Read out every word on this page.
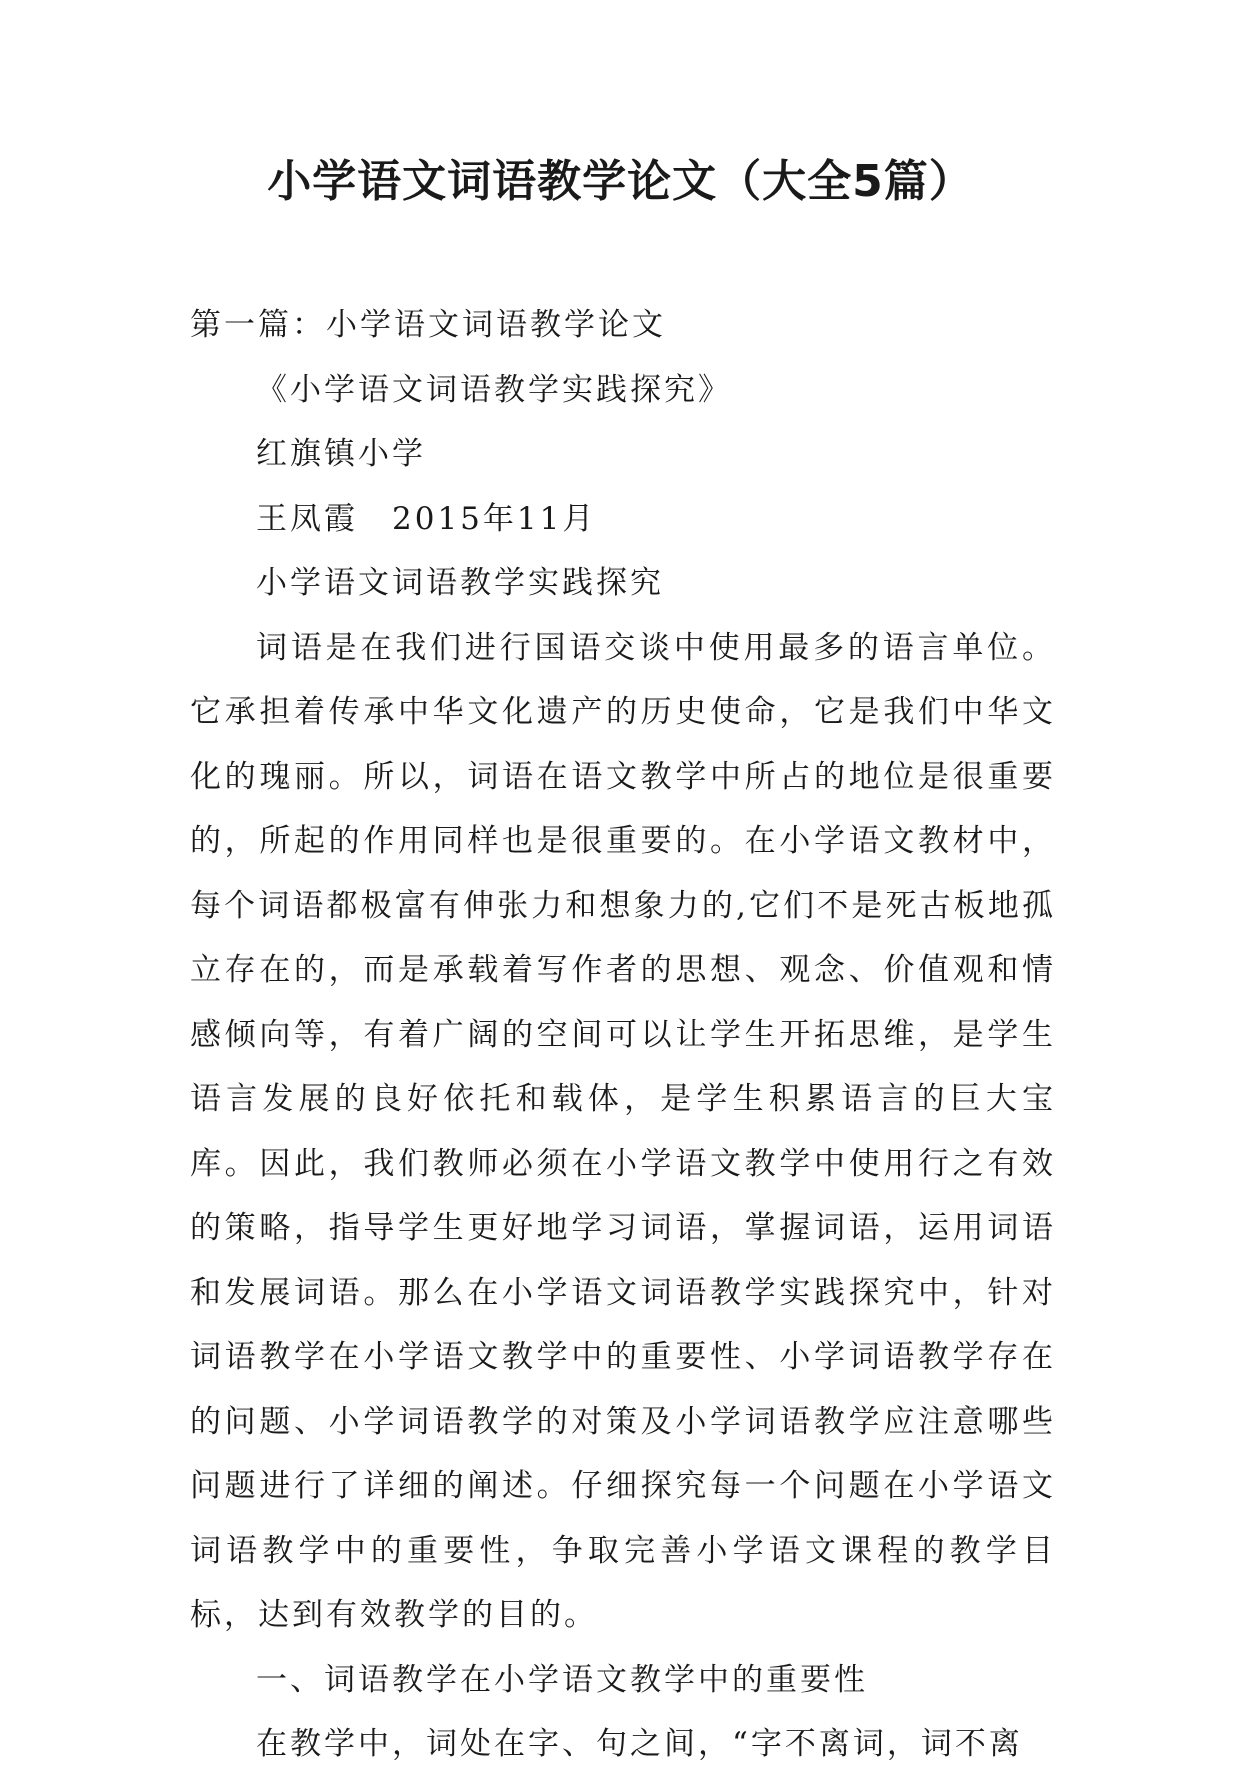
小学语文词语教学论文（大全5篇）

第一篇：小学语文词语教学论文

《小学语文词语教学实践探究》

红旗镇小学

王凤霞　2015年11月

小学语文词语教学实践探究

词语是在我们进行国语交谈中使用最多的语言单位。它承担着传承中华文化遗产的历史使命，它是我们中华文化的瑰丽。所以，词语在语文教学中所占的地位是很重要的，所起的作用同样也是很重要的。在小学语文教材中，每个词语都极富有伸张力和想象力的,它们不是死古板地孤立存在的，而是承载着写作者的思想、观念、价值观和情感倾向等，有着广阔的空间可以让学生开拓思维，是学生语言发展的良好依托和载体，是学生积累语言的巨大宝库。因此，我们教师必须在小学语文教学中使用行之有效的策略，指导学生更好地学习词语，掌握词语，运用词语和发展词语。那么在小学语文词语教学实践探究中，针对词语教学在小学语文教学中的重要性、小学词语教学存在的问题、小学词语教学的对策及小学词语教学应注意哪些问题进行了详细的阐述。仔细探究每一个问题在小学语文词语教学中的重要性，争取完善小学语文课程的教学目标，达到有效教学的目的。

一、词语教学在小学语文教学中的重要性

在教学中，词处在字、句之间，“字不离词，词不离
